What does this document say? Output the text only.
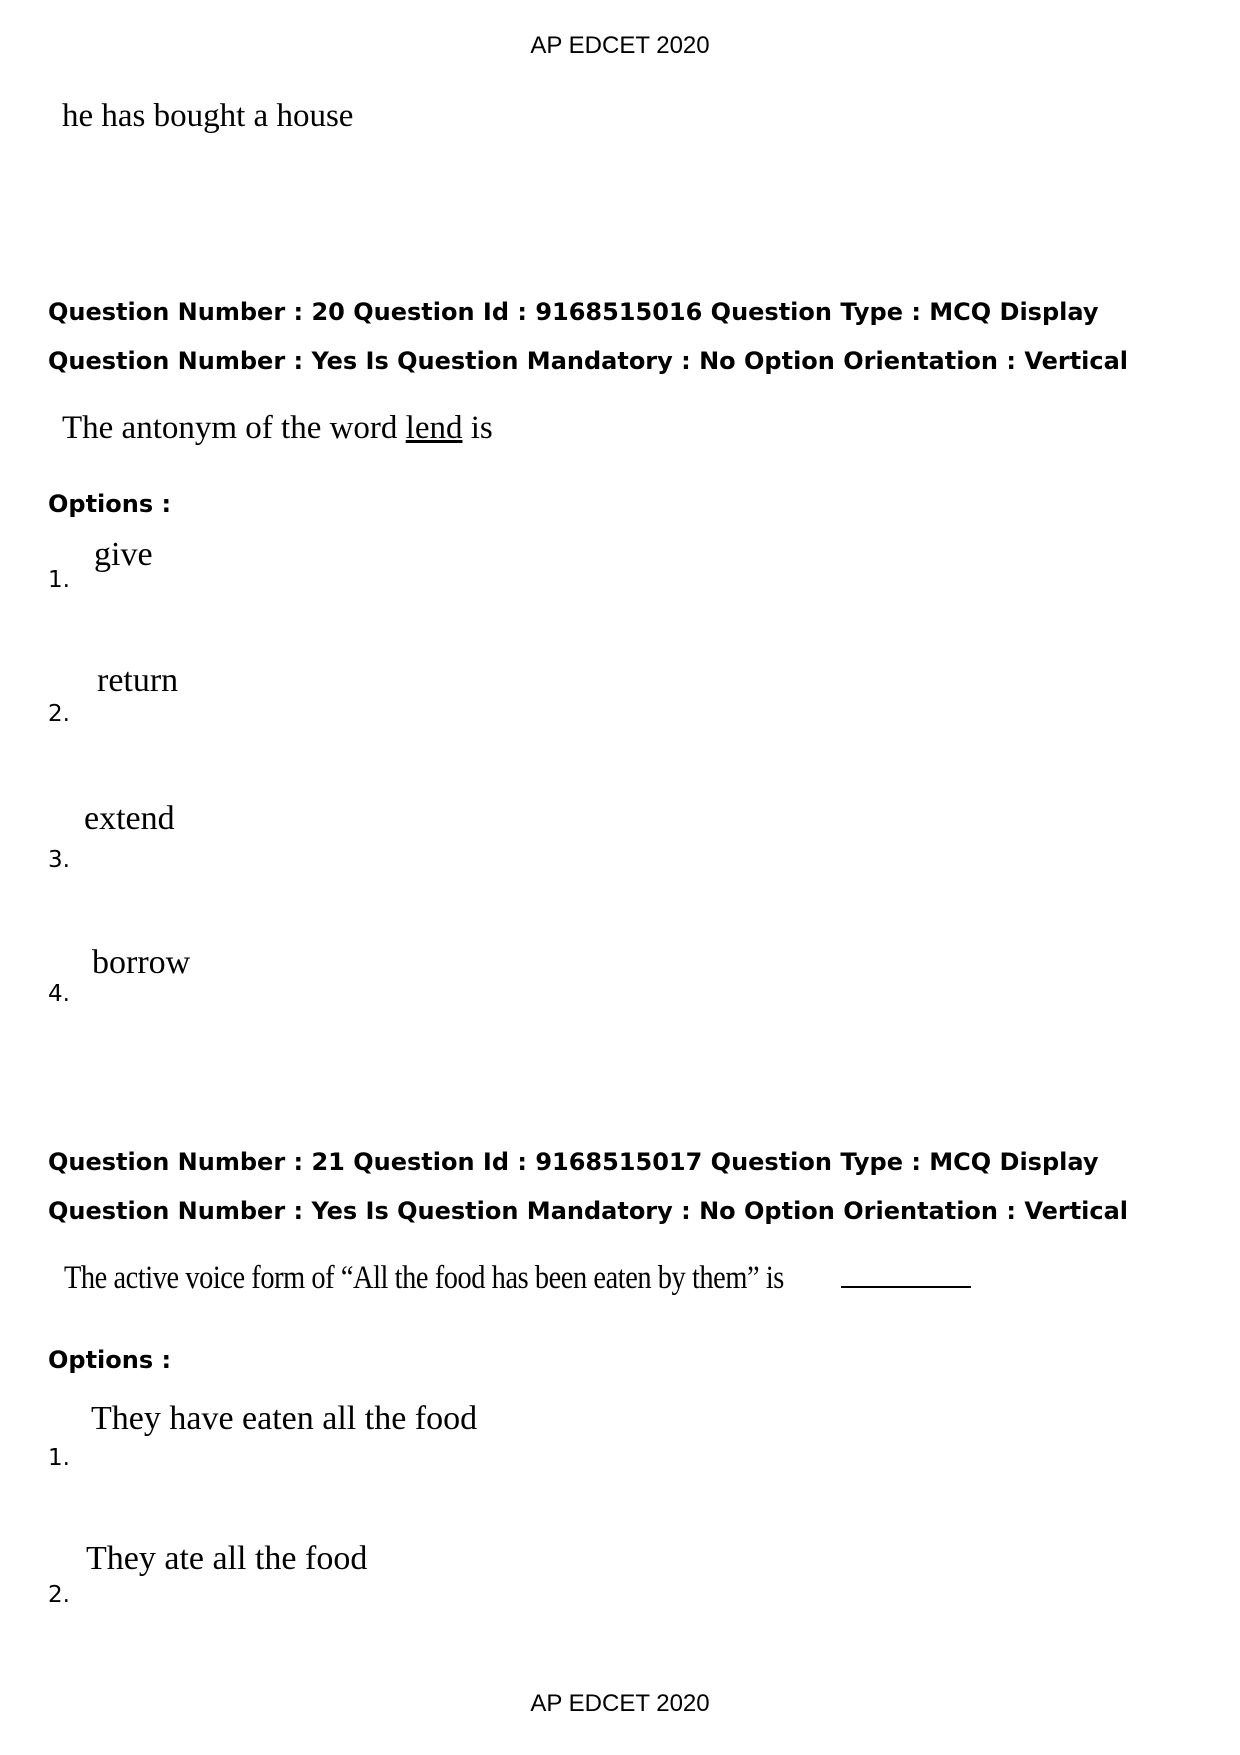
AP EDCET 2020
he has bought a house

Question Number : 20 Question Id : 9168515016 Question Type : MCQ Display Question Number : Yes Is Question Mandatory : No Option Orientation : Vertical

The antonym of the word lend is
Options :
give
1.
return
2.
extend
3.
borrow
4.

Question Number : 21 Question Id : 9168515017 Question Type : MCQ Display Question Number : Yes Is Question Mandatory : No Option Orientation : Vertical

The active voice form of “All the food has been eaten by them” is
Options :
They have eaten all the food
1.
They ate all the food
2.
AP EDCET 2020
